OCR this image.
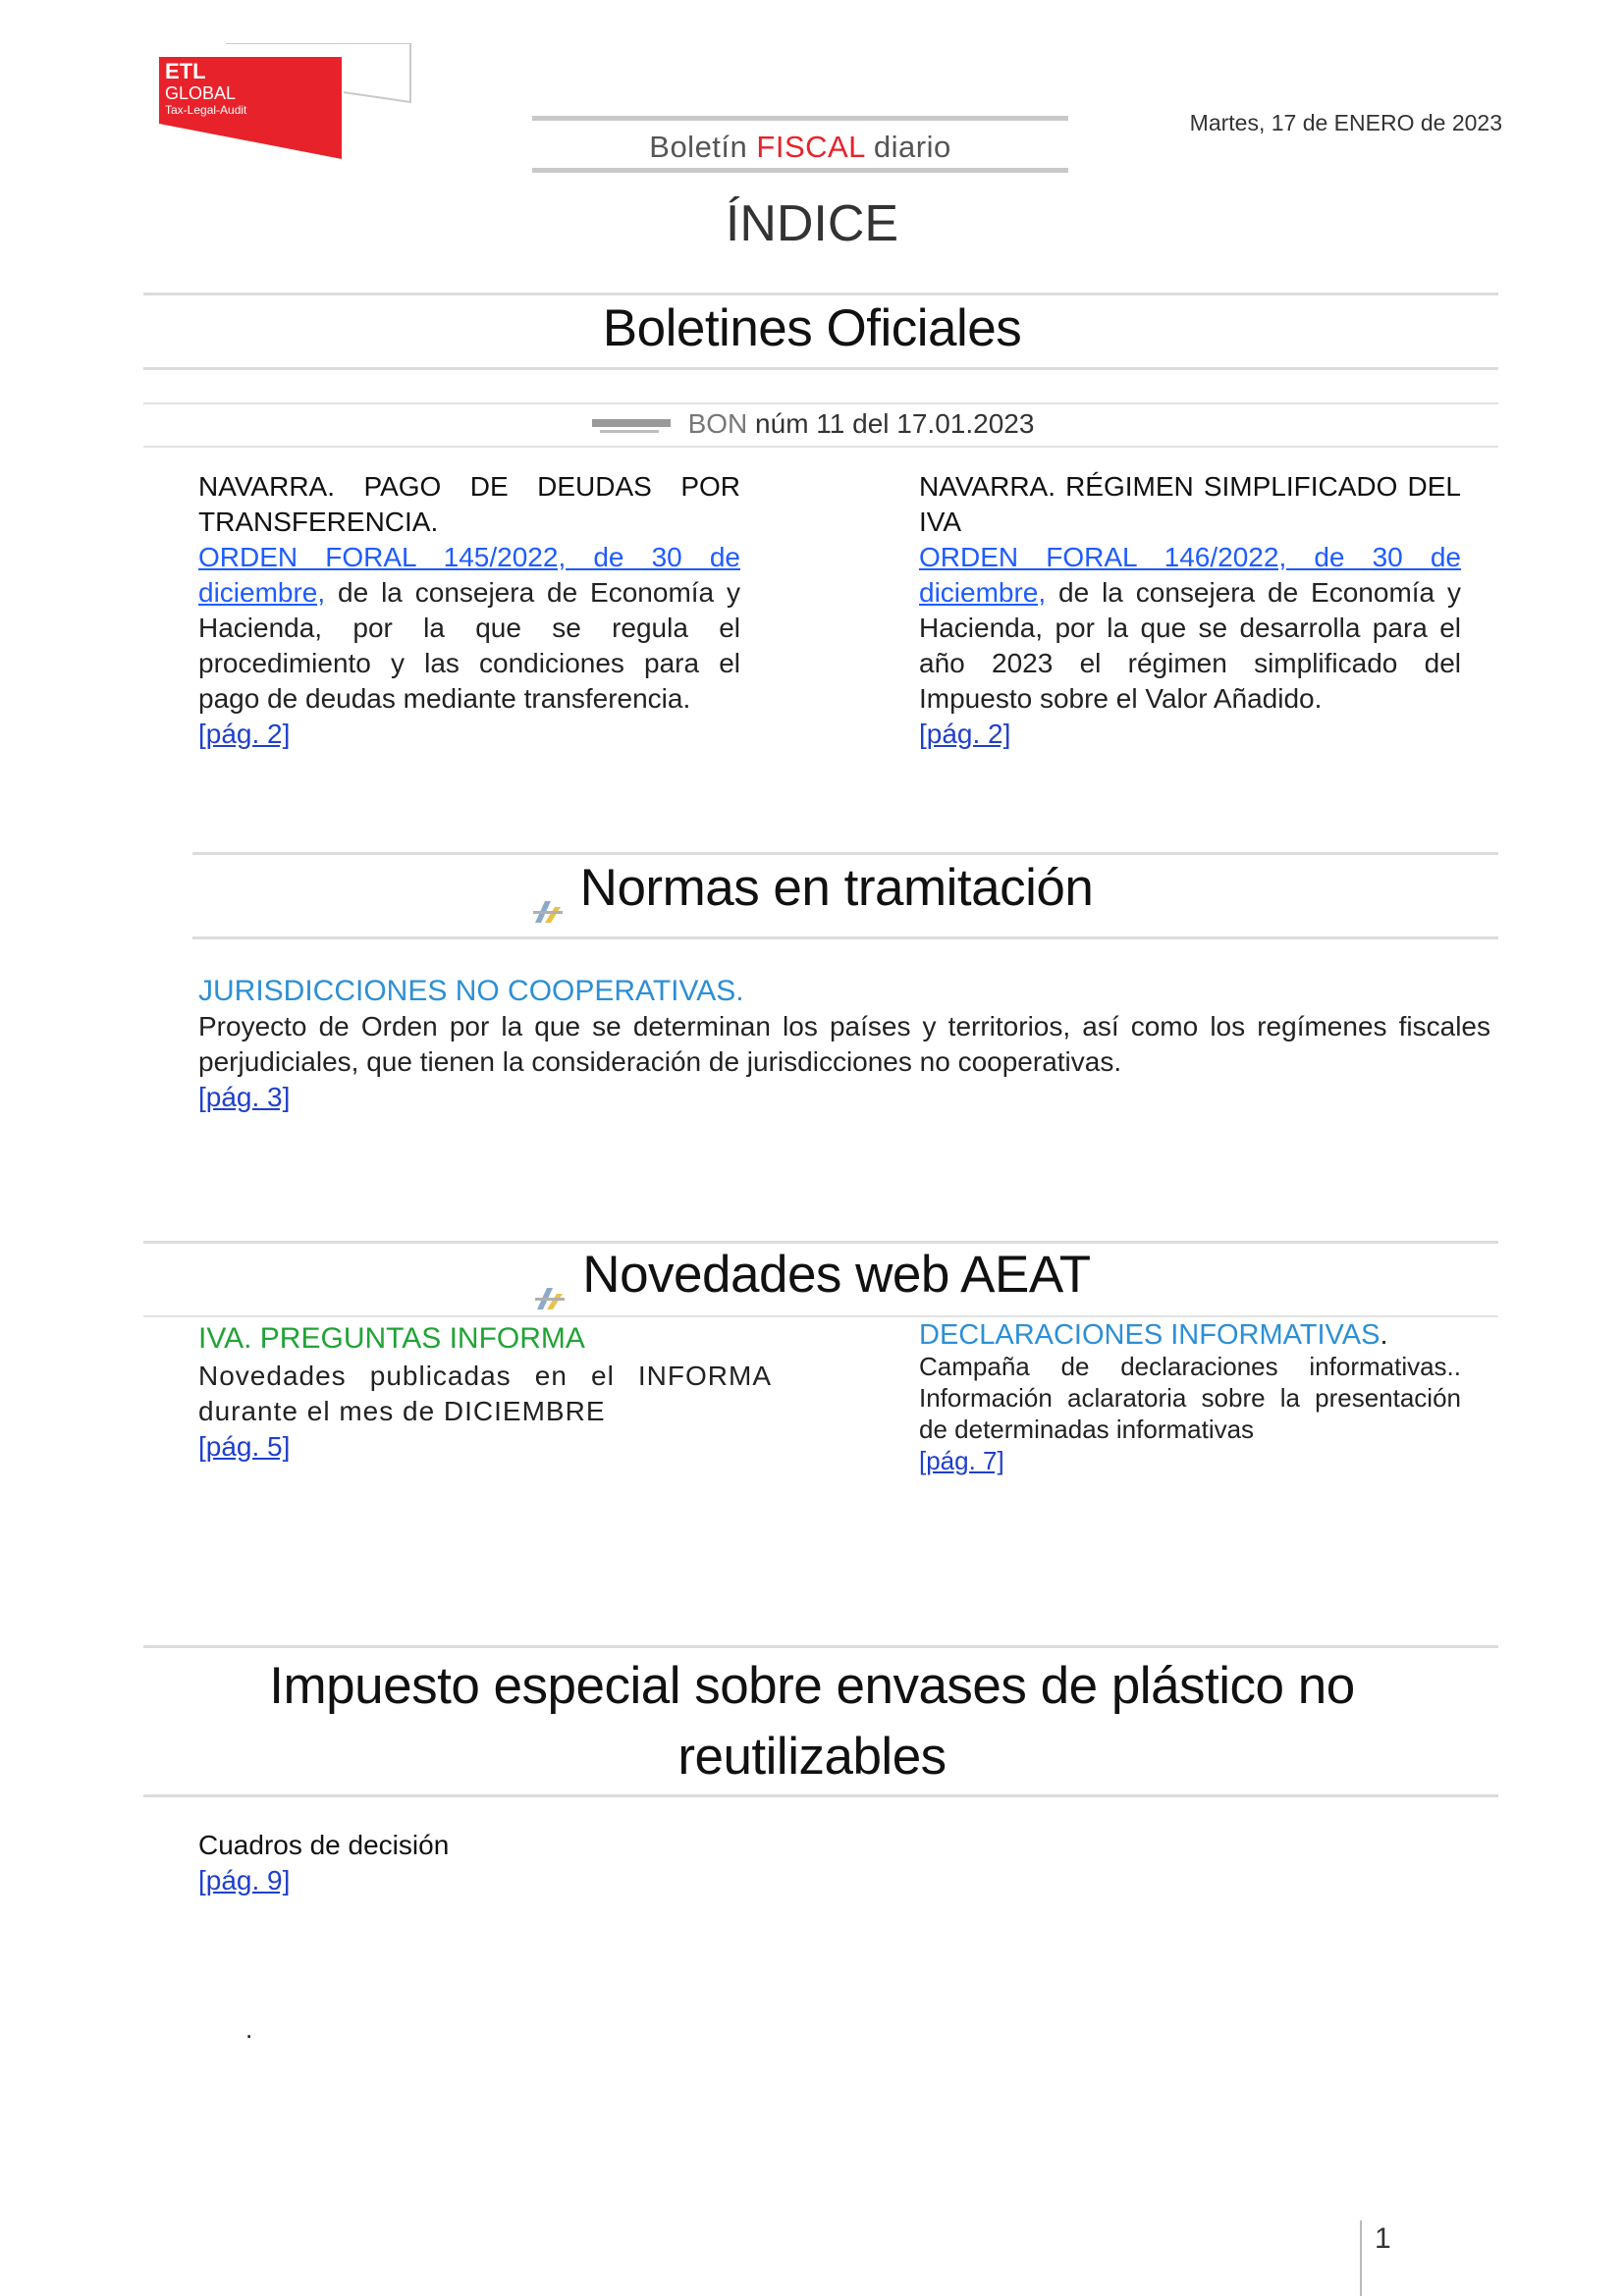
ETL
GLOBAL
Tax-Legal-Audit
Boletín FISCAL diario
Martes, 17 de ENERO de 2023
ÍNDICE
Boletines Oficiales
BON núm 11 del 17.01.2023
NAVARRA. PAGO DE DEUDAS POR TRANSFERENCIA.
ORDEN FORAL 145/2022, de 30 de diciembre, de la consejera de Economía y Hacienda, por la que se regula el procedimiento y las condiciones para el pago de deudas mediante transferencia.
[pág. 2]
NAVARRA. RÉGIMEN SIMPLIFICADO DEL IVA
ORDEN FORAL 146/2022, de 30 de diciembre, de la consejera de Economía y Hacienda, por la que se desarrolla para el año 2023 el régimen simplificado del Impuesto sobre el Valor Añadido.
[pág. 2]
Normas en tramitación
JURISDICCIONES NO COOPERATIVAS.
Proyecto de Orden por la que se determinan los países y territorios, así como los regímenes fiscales perjudiciales, que tienen la consideración de jurisdicciones no cooperativas.
[pág. 3]
Novedades web AEAT
IVA. PREGUNTAS INFORMA
Novedades publicadas en el INFORMA durante el mes de DICIEMBRE
[pág. 5]
DECLARACIONES INFORMATIVAS.
Campaña de declaraciones informativas.. Información aclaratoria sobre la presentación de determinadas informativas
[pág. 7]
Impuesto especial sobre envases de plástico no
reutilizables
Cuadros de decisión
[pág. 9]
.
1
